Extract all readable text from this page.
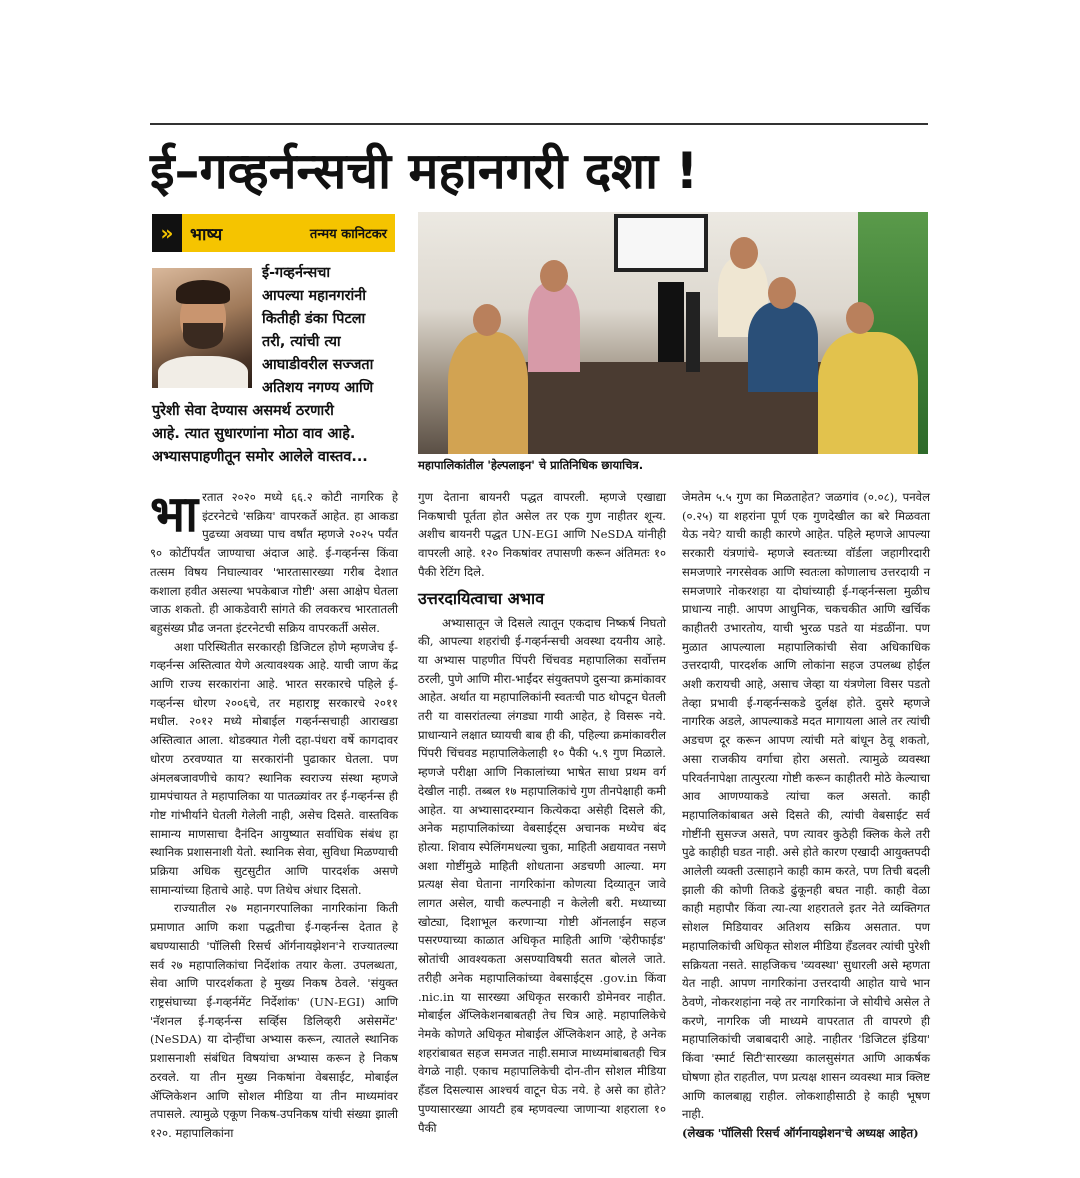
ई–गव्हर्नन्सची महानगरी दशा !
» भाष्य	तन्मय कानिटकर
ई-गव्हर्नन्सचा
आपल्या महानगरांनी
कितीही डंका पिटला
तरी, त्यांची त्या
आघाडीवरील सज्जता
अतिशय नगण्य आणि
पुरेशी सेवा देण्यास असमर्थ ठरणारी
आहे. त्यात सुधारणांना मोठा वाव आहे.
अभ्यासपाहणीतून समोर आलेले वास्तव...	महापालिकांतील 'हेल्पलाइन' चे प्रातिनिधिक छायाचित्र.
भा रतात २०२० मध्ये ६६.२ कोटी नागरिक हे इंटरनेटचे 'सक्रिय' वापरकर्ते आहेत. हा आकडा पुढच्या अवघ्या पाच वर्षांत म्हणजे २०२५ पर्यंत ९० कोटींपर्यंत जाण्याचा अंदाज आहे. ई-गव्हर्नन्स किंवा तत्सम विषय निघाल्यावर 'भारतासारख्या गरीब देशात कशाला हवीत असल्या भपकेबाज गोष्टी' असा आक्षेप घेतला जाऊ शकतो. ही आकडेवारी सांगते की लवकरच भारतातली बहुसंख्य प्रौढ जनता इंटरनेटची सक्रिय वापरकर्ती असेल.

अशा परिस्थितीत सरकारही डिजिटल होणे म्हणजेच ई-गव्हर्नन्स अस्तित्वात येणे अत्यावश्यक आहे. याची जाण केंद्र आणि राज्य सरकारांना आहे. भारत सरकारचे पहिले ई-गव्हर्नन्स धोरण २००६चे, तर महाराष्ट्र सरकारचे २०११ मधील. २०१२ मध्ये मोबाईल गव्हर्नन्सचाही आराखडा अस्तित्वात आला. थोडक्यात गेली दहा-पंधरा वर्षे कागदावर धोरण ठरवण्यात या सरकारांनी पुढाकार घेतला. पण अंमलबजावणीचे काय? स्थानिक स्वराज्य संस्था म्हणजे ग्रामपंचायत ते महापालिका या पातळ्यांवर तर ई-गव्हर्नन्स ही गोष्ट गांभीर्याने घेतली गेलेली नाही, असेच दिसते. वास्तविक सामान्य माणसाचा दैनंदिन आयुष्यात सर्वाधिक संबंध हा स्थानिक प्रशासनाशी येतो. स्थानिक सेवा, सुविधा मिळण्याची प्रक्रिया अधिक सुटसुटीत आणि पारदर्शक असणे सामान्यांच्या हिताचे आहे. पण तिथेच अंधार दिसतो.

राज्यातील २७ महानगरपालिका नागरिकांना किती प्रमाणात आणि कशा पद्धतीचा ई-गव्हर्नन्स देतात हे बघण्यासाठी 'पॉलिसी रिसर्च ऑर्गनायझेशन'ने राज्यातल्या सर्व २७ महापालिकांचा निर्देशांक तयार केला. उपलब्धता, सेवा आणि पारदर्शकता हे मुख्य निकष ठेवले. 'संयुक्त राष्ट्रसंघाच्या ई-गव्हर्नमेंट निर्देशांक' (UN-EGI) आणि 'नॅशनल ई-गव्हर्नन्स सर्व्हिस डिलिव्हरी असेसमेंट' (NeSDA) या दोन्हींचा अभ्यास करून, त्यातले स्थानिक प्रशासनाशी संबंधित विषयांचा अभ्यास करून हे निकष ठरवले. या तीन मुख्य निकषांना वेबसाईट, मोबाईल ॲप्लिकेशन आणि सोशल मीडिया या तीन माध्यमांवर तपासले. त्यामुळे एकूण निकष-उपनिकष यांची संख्या झाली १२०. महापालिकांना

गुण देताना बायनरी पद्धत वापरली. म्हणजे एखाद्या निकषाची पूर्तता होत असेल तर एक गुण नाहीतर शून्य. अशीच बायनरी पद्धत UN-EGI आणि NeSDA यांनीही वापरली आहे. १२० निकषांवर तपासणी करून अंतिमतः १० पैकी रेटिंग दिले.

उत्तरदायित्वाचा अभाव

अभ्यासातून जे दिसले त्यातून एकदाच निष्कर्ष निघतो की, आपल्या शहरांची ई-गव्हर्नन्सची अवस्था दयनीय आहे. या अभ्यास पाहणीत पिंपरी चिंचवड महापालिका सर्वोत्तम ठरली, पुणे आणि मीरा-भाईंदर संयुक्तपणे दुसऱ्या क्रमांकावर आहेत. अर्थात या महापालिकांनी स्वतःची पाठ थोपटून घेतली तरी या वासरांतल्या लंगड्या गायी आहेत, हे विसरू नये. प्राधान्याने लक्षात घ्यायची बाब ही की, पहिल्या क्रमांकावरील पिंपरी चिंचवड महापालिकेलाही १० पैकी ५.९ गुण मिळाले. म्हणजे परीक्षा आणि निकालांच्या भाषेत साधा प्रथम वर्ग देखील नाही. तब्बल १७ महापालिकांचे गुण तीनपेक्षाही कमी आहेत. या अभ्यासादरम्यान कित्येकदा असेही दिसले की, अनेक महापालिकांच्या वेबसाईट्स अचानक मध्येच बंद होत्या. शिवाय स्पेलिंगमधल्या चुका, माहिती अद्ययावत नसणे अशा गोष्टींमुळे माहिती शोधताना अडचणी आल्या. मग प्रत्यक्ष सेवा घेताना नागरिकांना कोणत्या दिव्यातून जावे लागत असेल, याची कल्पनाही न केलेली बरी. मध्याच्या खोट्या, दिशाभूल करणाऱ्या गोष्टी ऑनलाईन सहज पसरण्याच्या काळात अधिकृत माहिती आणि 'व्हेरीफाईड' स्रोतांची आवश्यकता असण्याविषयी सतत बोलले जाते. तरीही अनेक महापालिकांच्या वेबसाईट्स .gov.in किंवा .nic.in या सारख्या अधिकृत सरकारी डोमेनवर नाहीत. मोबाईल ॲप्लिकेशनबाबतही तेच चित्र आहे. महापालिकेचे नेमके कोणते अधिकृत मोबाईल ॲप्लिकेशन आहे, हे अनेक शहरांबाबत सहज समजत नाही.समाज माध्यमांबाबतही चित्र वेगळे नाही. एकाच महापालिकेची दोन-तीन सोशल मीडिया हँडल दिसल्यास आश्चर्य वाटून घेऊ नये. हे असे का होते? पुण्यासारख्या आयटी हब म्हणवल्या जाणाऱ्या शहराला १० पैकी

जेमतेम ५.५ गुण का मिळताहेत? जळगांव (०.०८), पनवेल (०.२५) या शहरांना पूर्ण एक गुणदेखील का बरे मिळवता येऊ नये? याची काही कारणे आहेत. पहिले म्हणजे आपल्या सरकारी यंत्रणांचे- म्हणजे स्वतःच्या वॉर्डला जहागीरदारी समजणारे नगरसेवक आणि स्वतःला कोणालाच उत्तरदायी न समजणारे नोकरशहा या दोघांच्याही ई-गव्हर्नन्सला मुळीच प्राधान्य नाही. आपण आधुनिक, चकचकीत आणि खर्चिक काहीतरी उभारतोय, याची भुरळ पडते या मंडळींना. पण मुळात आपल्याला महापालिकांची सेवा अधिकाधिक उत्तरदायी, पारदर्शक आणि लोकांना सहज उपलब्ध होईल अशी करायची आहे, असाच जेव्हा या यंत्रणेला विसर पडतो तेव्हा प्रभावी ई-गव्हर्नन्सकडे दुर्लक्ष होते. दुसरे म्हणजे नागरिक अडले, आपल्याकडे मदत मागायला आले तर त्यांची अडचण दूर करून आपण त्यांची मते बांधून ठेवू शकतो, असा राजकीय वर्गाचा होरा असतो. त्यामुळे व्यवस्था परिवर्तनापेक्षा तात्पुरत्या गोष्टी करून काहीतरी मोठे केल्याचा आव आणण्याकडे त्यांचा कल असतो. काही महापालिकांबाबत असे दिसते की, त्यांची वेबसाईट सर्व गोष्टींनी सुसज्ज असते, पण त्यावर कुठेही क्लिक केले तरी पुढे काहीही घडत नाही. असे होते कारण एखादी आयुक्तपदी आलेली व्यक्ती उत्साहाने काही काम करते, पण तिची बदली झाली की कोणी तिकडे ढुंकूनही बघत नाही. काही वेळा काही महापौर किंवा त्या-त्या शहरातले इतर नेते व्यक्तिगत सोशल मिडियावर अतिशय सक्रिय असतात. पण महापालिकांची अधिकृत सोशल मीडिया हँडलवर त्यांची पुरेशी सक्रियता नसते. साहजिकच 'व्यवस्था' सुधारली असे म्हणता येत नाही. आपण नागरिकांना उत्तरदायी आहोत याचे भान ठेवणे, नोकरशहांना नव्हे तर नागरिकांना जे सोयीचे असेल ते करणे, नागरिक जी माध्यमे वापरतात ती वापरणे ही महापालिकांची जबाबदारी आहे. नाहीतर 'डिजिटल इंडिया' किंवा 'स्मार्ट सिटी'सारख्या कालसुसंगत आणि आकर्षक घोषणा होत राहतील, पण प्रत्यक्ष शासन व्यवस्था मात्र क्लिष्ट आणि कालबाह्य राहील. लोकशाहीसाठी हे काही भूषण नाही.

(लेखक 'पॉलिसी रिसर्च ऑर्गनायझेशन'चे अध्यक्ष आहेत)
